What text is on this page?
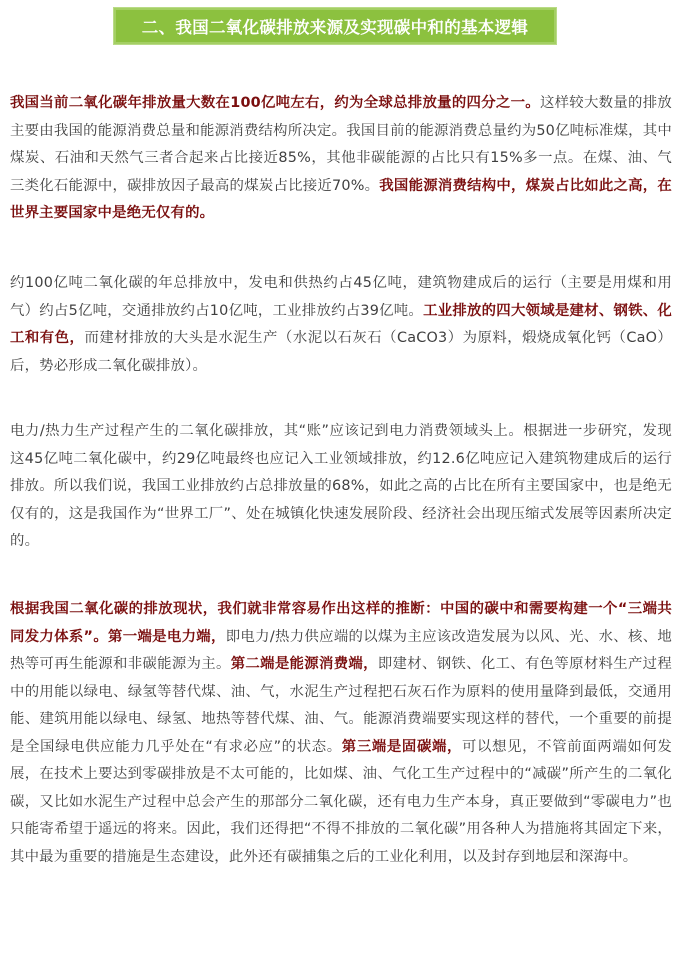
二、我国二氧化碳排放来源及实现碳中和的基本逻辑

我国当前二氧化碳年排放量大数在100亿吨左右，约为全球总排放量的四分之一。这样较大数量的排放主要由我国的能源消费总量和能源消费结构所决定。我国目前的能源消费总量约为50亿吨标准煤，其中煤炭、石油和天然气三者合起来占比接近85%，其他非碳能源的占比只有15%多一点。在煤、油、气三类化石能源中，碳排放因子最高的煤炭占比接近70%。我国能源消费结构中，煤炭占比如此之高，在世界主要国家中是绝无仅有的。

约100亿吨二氧化碳的年总排放中，发电和供热约占45亿吨，建筑物建成后的运行（主要是用煤和用气）约占5亿吨，交通排放约占10亿吨，工业排放约占39亿吨。工业排放的四大领域是建材、钢铁、化工和有色，而建材排放的大头是水泥生产（水泥以石灰石（CaCO3）为原料，煅烧成氧化钙（CaO）后，势必形成二氧化碳排放）。

电力/热力生产过程产生的二氧化碳排放，其“账”应该记到电力消费领域头上。根据进一步研究，发现这45亿吨二氧化碳中，约29亿吨最终也应记入工业领域排放，约12.6亿吨应记入建筑物建成后的运行排放。所以我们说，我国工业排放约占总排放量的68%，如此之高的占比在所有主要国家中，也是绝无仅有的，这是我国作为“世界工厂”、处在城镇化快速发展阶段、经济社会出现压缩式发展等因素所决定的。

根据我国二氧化碳的排放现状，我们就非常容易作出这样的推断：中国的碳中和需要构建一个“三端共同发力体系”。第一端是电力端，即电力/热力供应端的以煤为主应该改造发展为以风、光、水、核、地热等可再生能源和非碳能源为主。第二端是能源消费端，即建材、钢铁、化工、有色等原材料生产过程中的用能以绿电、绿氢等替代煤、油、气，水泥生产过程把石灰石作为原料的使用量降到最低，交通用能、建筑用能以绿电、绿氢、地热等替代煤、油、气。能源消费端要实现这样的替代，一个重要的前提是全国绿电供应能力几乎处在“有求必应”的状态。第三端是固碳端，可以想见，不管前面两端如何发展，在技术上要达到零碳排放是不太可能的，比如煤、油、气化工生产过程中的“减碳”所产生的二氧化碳，又比如水泥生产过程中总会产生的那部分二氧化碳，还有电力生产本身，真正要做到“零碳电力”也只能寄希望于遥远的将来。因此，我们还得把“不得不排放的二氧化碳”用各种人为措施将其固定下来，其中最为重要的措施是生态建设，此外还有碳捕集之后的工业化利用，以及封存到地层和深海中。
